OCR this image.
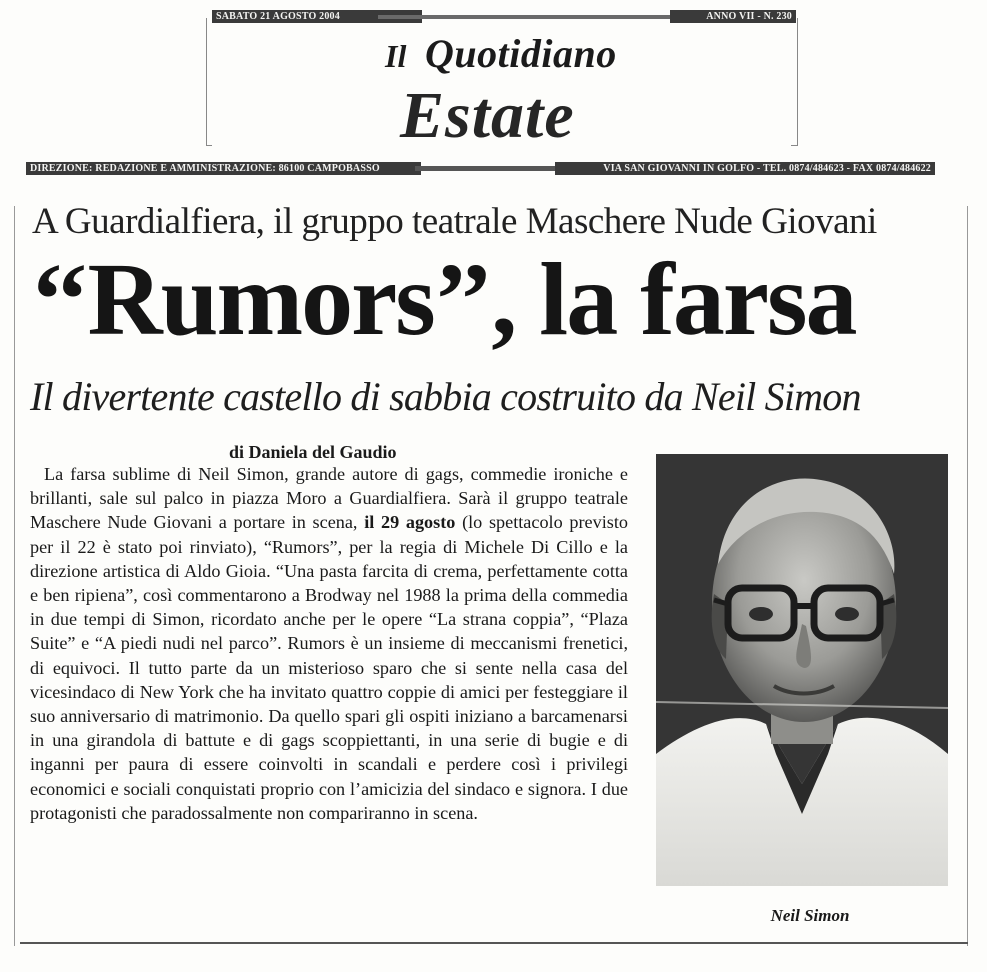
SABATO 21 AGOSTO 2004	ANNO VII - N. 230
Il Quotidiano
Estate
DIREZIONE: REDAZIONE E AMMINISTRAZIONE: 86100 CAMPOBASSO	VIA SAN GIOVANNI IN GOLFO - TEL. 0874/484623 - FAX 0874/484622
A Guardialfiera, il gruppo teatrale Maschere Nude Giovani
‘‘Rumors’’, la farsa
Il divertente castello di sabbia costruito da Neil Simon
di Daniela del Gaudio
La farsa sublime di Neil Simon, grande autore di gags, commedie ironiche e brillanti, sale sul palco in piazza Moro a Guardialfiera. Sarà il gruppo teatrale Maschere Nude Giovani a portare in scena, il 29 agosto (lo spettacolo previsto per il 22 è stato poi rinviato), “Rumors”, per la regia di Michele Di Cillo e la direzione artistica di Aldo Gioia. “Una pasta farcita di crema, perfettamente cotta e ben ripiena”, così commentarono a Brodway nel 1988 la prima della commedia in due tempi di Simon, ricordato anche per le opere “La strana coppia”, “Plaza Suite” e “A piedi nudi nel parco”. Rumors è un insieme di meccanismi frenetici, di equivoci. Il tutto parte da un misterioso sparo che si sente nella casa del vicesindaco di New York che ha invitato quattro coppie di amici per festeggiare il suo anniversario di matrimonio. Da quello spari gli ospiti iniziano a barcamenarsi in una girandola di battute e di gags scoppiettanti, in una serie di bugie e di inganni per paura di essere coinvolti in scandali e perdere così i privilegi economici e sociali conquistati proprio con l’amicizia del sindaco e signora. I due protagonisti che paradossalmente non compariranno in scena.
Neil Simon
